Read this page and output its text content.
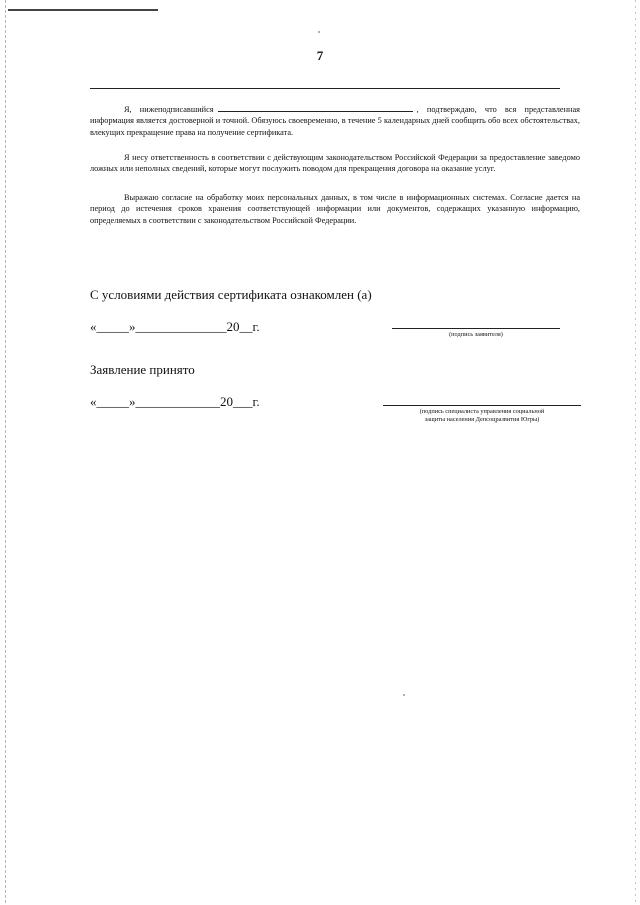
7
Я, нижеподписавшийся	, подтверждаю, что вся представленная информация является достоверной и точной. Обязуюсь своевременно, в течение 5 календарных дней сообщить обо всех обстоятельствах, влекущих прекращение права на получение сертификата.
Я несу ответственность в соответствии с действующим законодательством Российской Федерации за предоставление заведомо ложных или неполных сведений, которые могут послужить поводом для прекращения договора на оказание услуг.
Выражаю согласие на обработку моих персональных данных, в том числе в информационных системах. Согласие дается на период до истечения сроков хранения соответствующей информации или документов, содержащих указанную информацию, определяемых в соответствии с законодательством Российской Федерации.
С условиями действия сертификата ознакомлен (а)
«_____»______________20__г.
(подпись заявителя)
Заявление принято
«_____»_____________20___г.
(подпись специалиста управления социальной
защиты населения Депсоцразвития Югры)
